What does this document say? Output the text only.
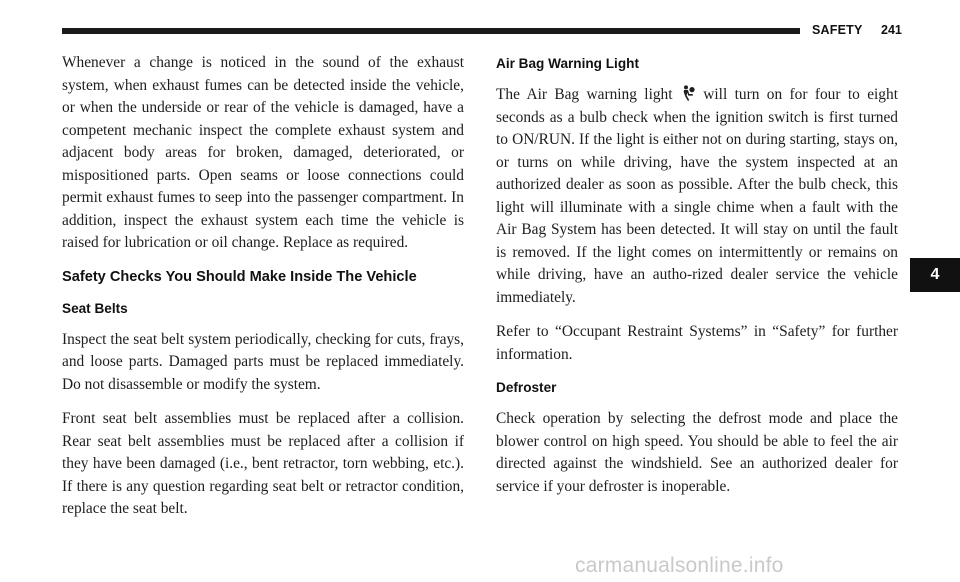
SAFETY 241
4

Whenever a change is noticed in the sound of the exhaust system, when exhaust fumes can be detected inside the vehicle, or when the underside or rear of the vehicle is damaged, have a competent mechanic inspect the complete exhaust system and adjacent body areas for broken, damaged, deteriorated, or mispositioned parts. Open seams or loose connections could permit exhaust fumes to seep into the passenger compartment. In addition, inspect the exhaust system each time the vehicle is raised for lubrication or oil change. Replace as required.

Safety Checks You Should Make Inside The Vehicle
Seat Belts

Inspect the seat belt system periodically, checking for cuts, frays, and loose parts. Damaged parts must be replaced immediately. Do not disassemble or modify the system.

Front seat belt assemblies must be replaced after a collision. Rear seat belt assemblies must be replaced after a collision if they have been damaged (i.e., bent retractor, torn webbing, etc.). If there is any question regarding seat belt or retractor condition, replace the seat belt.

Air Bag Warning Light

The Air Bag warning light will turn on for four to eight seconds as a bulb check when the ignition switch is first turned to ON/RUN. If the light is either not on during starting, stays on, or turns on while driving, have the system inspected at an authorized dealer as soon as possible. After the bulb check, this light will illuminate with a single chime when a fault with the Air Bag System has been detected. It will stay on until the fault is removed. If the light comes on intermittently or remains on while driving, have an autho-rized dealer service the vehicle immediately.

Refer to “Occupant Restraint Systems” in “Safety” for further information.

Defroster

Check operation by selecting the defrost mode and place the blower control on high speed. You should be able to feel the air directed against the windshield. See an authorized dealer for service if your defroster is inoperable.

carmanualsonline.info
